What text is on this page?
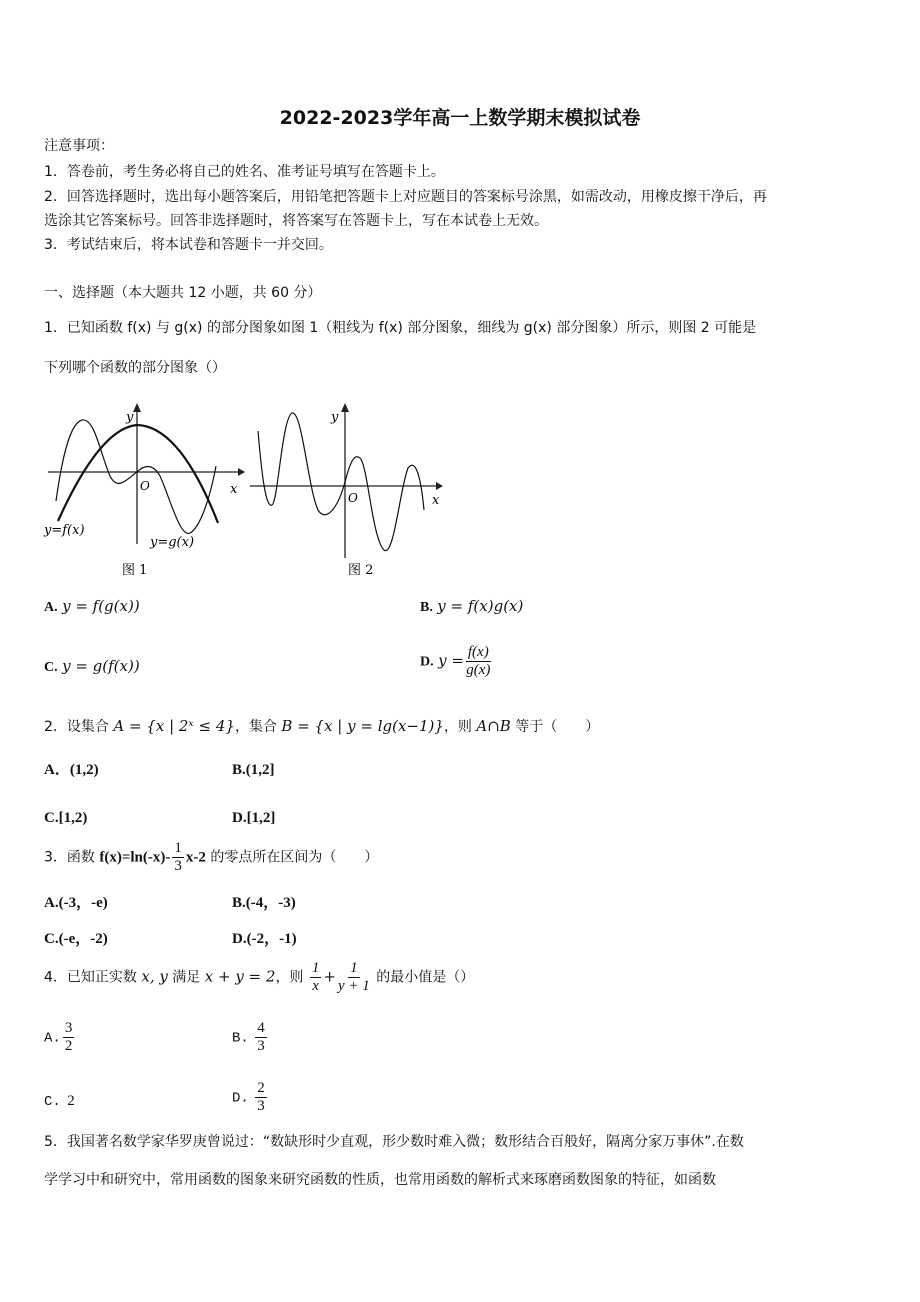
2022-2023学年高一上数学期末模拟试卷
注意事项：
1．答卷前，考生务必将自己的姓名、准考证号填写在答题卡上。
2．回答选择题时，选出每小题答案后，用铅笔把答题卡上对应题目的答案标号涂黑，如需改动，用橡皮擦干净后，再
选涂其它答案标号。回答非选择题时，将答案写在答题卡上，写在本试卷上无效。
3．考试结束后，将本试卷和答题卡一并交回。
一、选择题（本大题共 12 小题，共 60 分）
1．已知函数 f(x) 与 g(x) 的部分图象如图 1（粗线为 f(x) 部分图象，细线为 g(x) 部分图象）所示，则图 2 可能是
下列哪个函数的部分图象（）
y
O	x
y=f(x)
y=g(x)
图 1
y
O	x
图 2
A. y = f(g(x))	B. y = f(x)g(x)
C. y = g(f(x))	D. $y = \frac{f(x)}{g(x)}$
2．设集合 A = {x | 2ˣ ≤ 4}，集合 B = {x | y = lg(x−1)}，则 A∩B 等于（　　）
A．(1,2)	B.(1,2]
C.[1,2)	D.[1,2]
3．函数 $f(x)=\ln(-x)- \frac{1}{3} x-2$ 的零点所在区间为（　　）
A.(-3，-e)	B.(-4，-3)
C.(-e，-2)	D.(-2，-1)
4．已知正实数 x, y 满足 x + y = 2，则 $\frac{1}{x} + \frac{1}{y + 1}$ 的最小值是（）
A. $\frac{3}{2}$	B. $\frac{4}{3}$
C. 2	D. $\frac{2}{3}$
5．我国著名数学家华罗庚曾说过：“数缺形时少直观，形少数时难入微；数形结合百般好，隔离分家万事休”.在数
学学习中和研究中，常用函数的图象来研究函数的性质，也常用函数的解析式来琢磨函数图象的特征，如函数
